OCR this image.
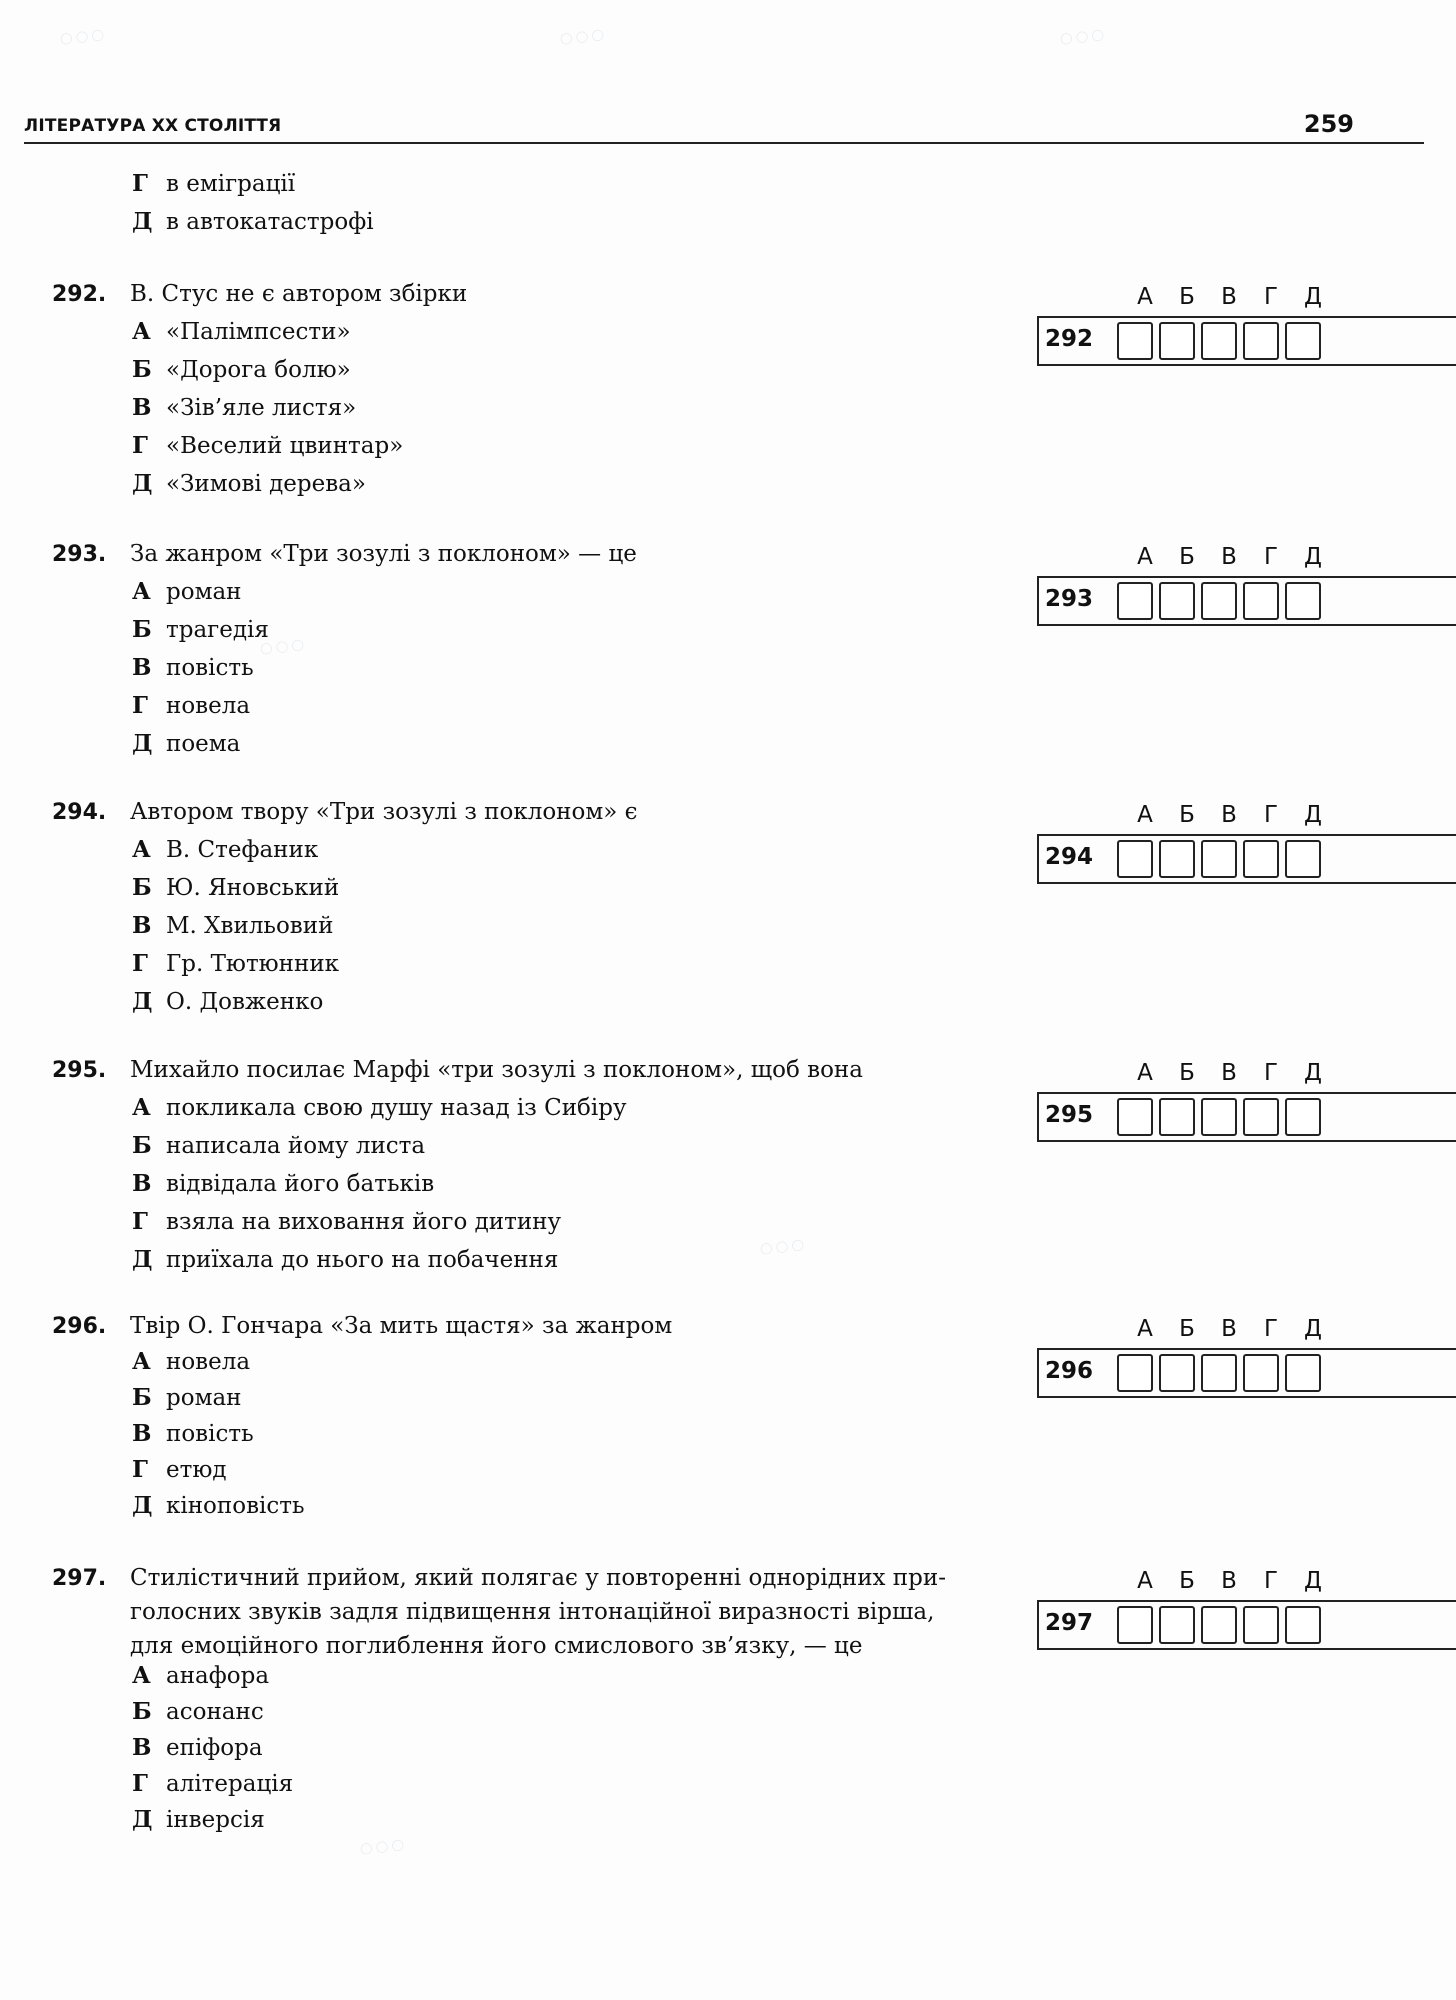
◯ ◯ ◯	◯ ◯ ◯	◯ ◯ ◯
◯ ◯ ◯
◯ ◯ ◯
◯ ◯ ◯
ЛІТЕРАТУРА ХХ СТОЛІТТЯ	259
Г в еміграції
Д в автокатастрофі
292. В. Стус не є автором збірки
А «Палімпсести»
Б «Дорога болю»
В «Зів’яле листя»
Г «Веселий цвинтар»
Д «Зимові дерева»
А	Б	В	Г	Д
292
293. За жанром «Три зозулі з поклоном» — це
А роман
Б трагедія
В повість
Г новела
Д поема
А	Б	В	Г	Д
293
294. Автором твору «Три зозулі з поклоном» є
А В. Стефаник
Б Ю. Яновський
В М. Хвильовий
Г Гр. Тютюнник
Д О. Довженко
А	Б	В	Г	Д
294
295. Михайло посилає Марфі «три зозулі з поклоном», щоб вона
А покликала свою душу назад із Сибіру
Б написала йому листа
В відвідала його батьків
Г взяла на виховання його дитину
Д приїхала до нього на побачення
А	Б	В	Г	Д
295
296. Твір О. Гончара «За мить щастя» за жанром
А новела
Б роман
В повість
Г етюд
Д кіноповість
А	Б	В	Г	Д
296
297. Стилістичний прийом, який полягає у повторенні однорідних при-
голосних звуків задля підвищення інтонаційної виразності вірша,
для емоційного поглиблення його смислового зв’язку, — це
А анафора
Б асонанс
В епіфора
Г алітерація
Д інверсія
А	Б	В	Г	Д
297
